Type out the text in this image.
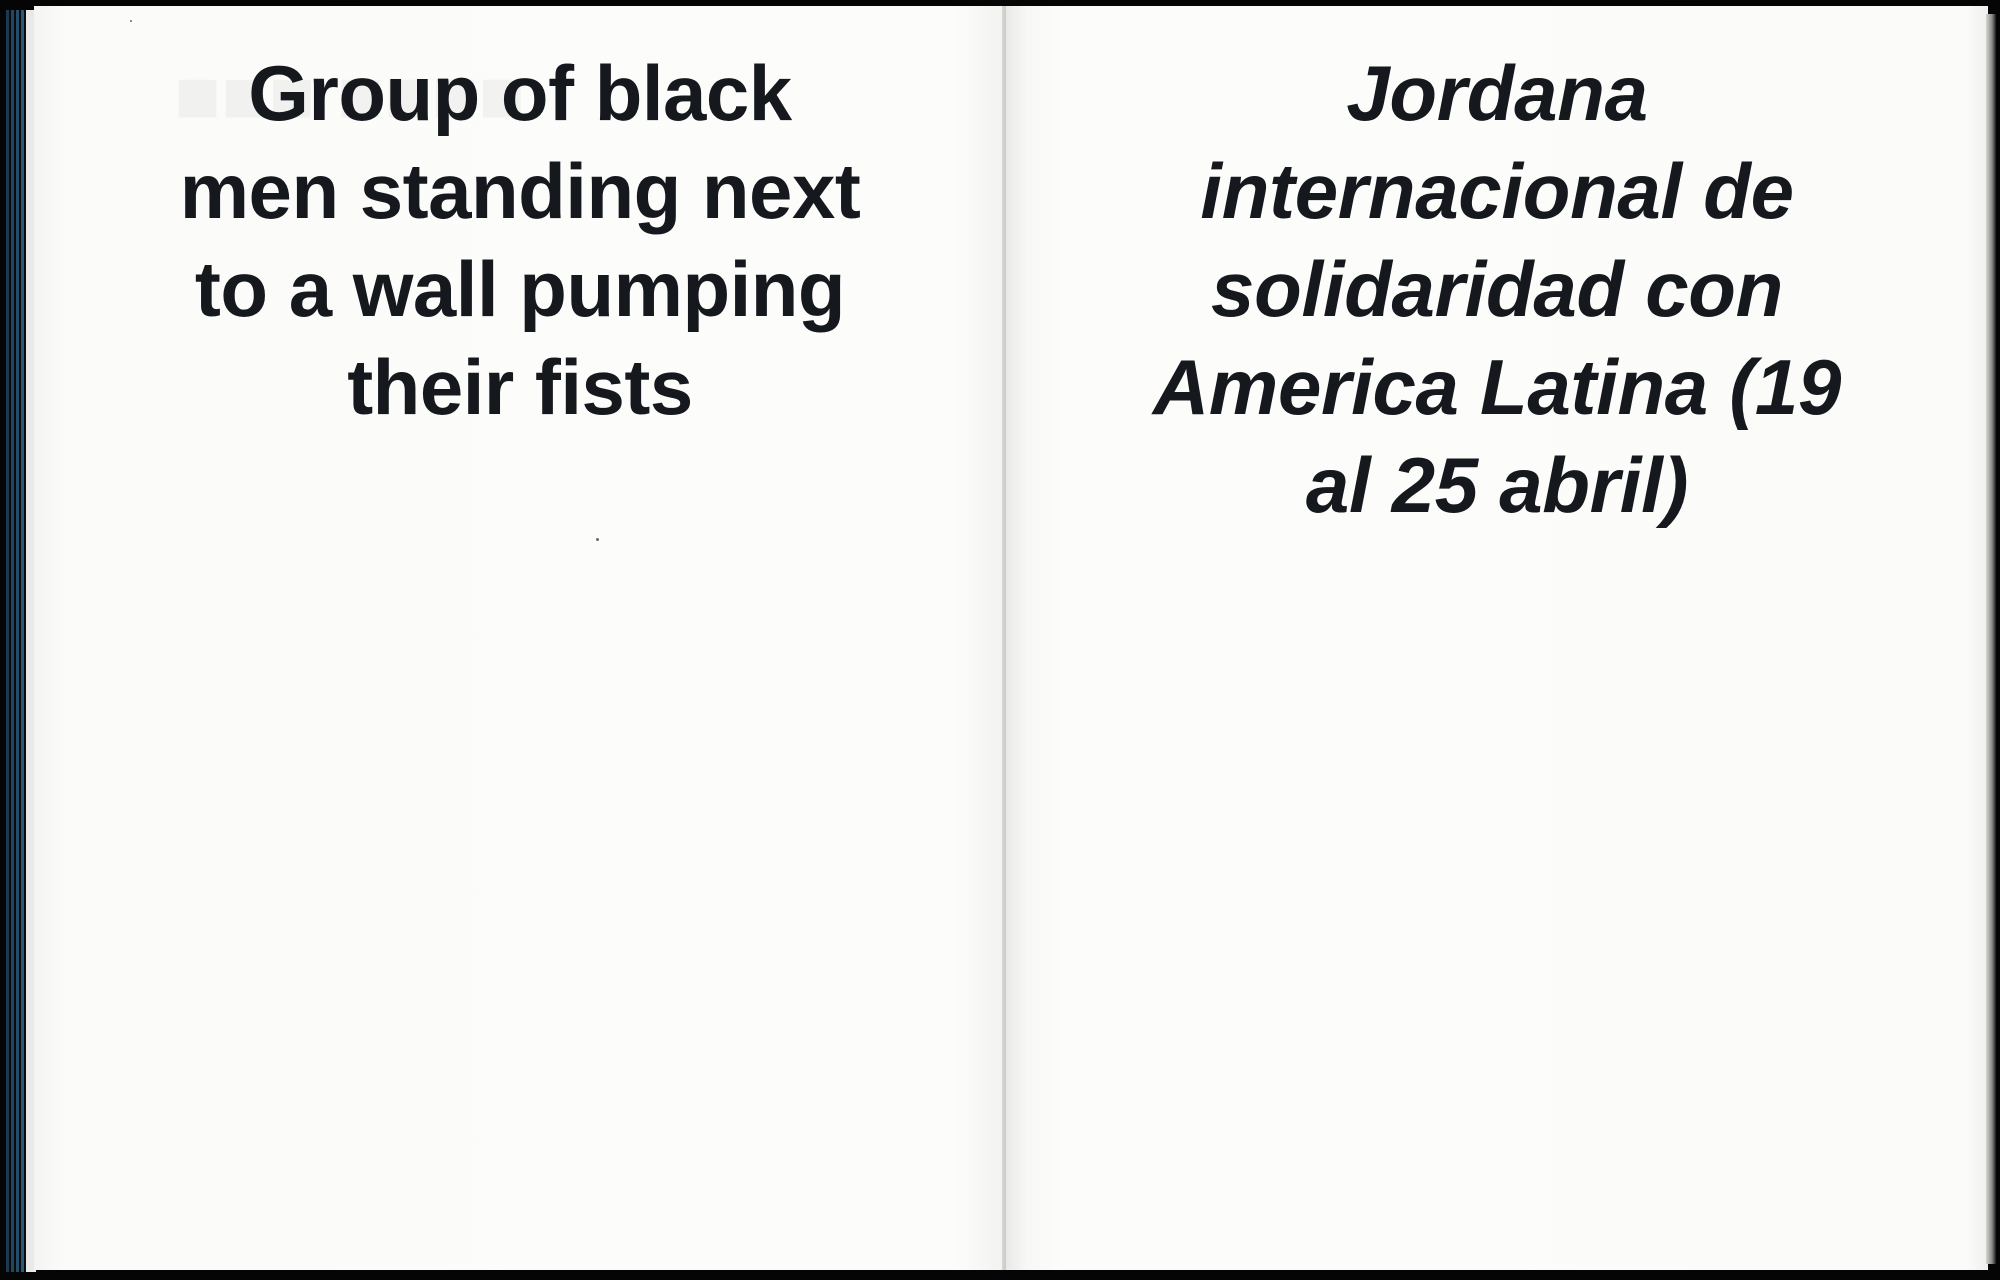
Group of black
men standing next
to a wall pumping
their fists
Jordana
internacional de
solidaridad con
America Latina (19
al 25 abril)
